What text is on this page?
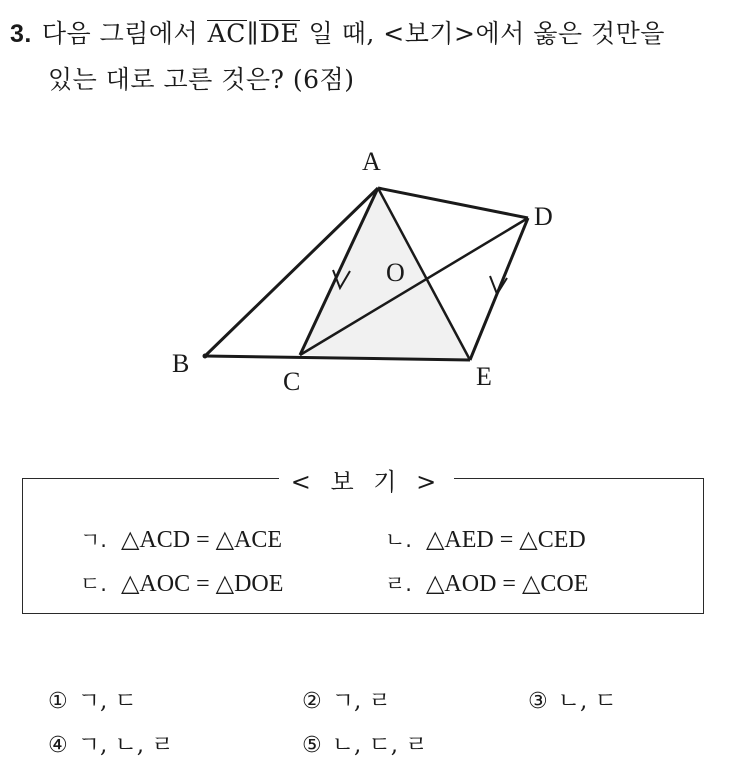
3. 다음 그림에서 AC∥DE 일 때, <보기>에서 옳은 것만을
있는 대로 고른 것은? (6점)
A
B
C
D
E
O
< 보 기 >
ㄱ. △ACD = △ACE	ㄴ. △AED = △CED
ㄷ. △AOC = △DOE	ㄹ. △AOD = △COE
① ㄱ, ㄷ	② ㄱ, ㄹ	③ ㄴ, ㄷ
④ ㄱ, ㄴ, ㄹ	⑤ ㄴ, ㄷ, ㄹ
